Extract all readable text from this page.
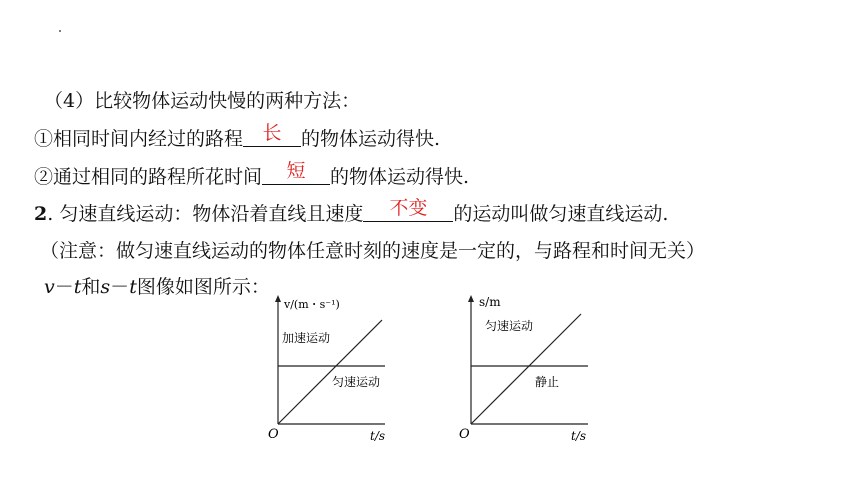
（4）比较物体运动快慢的两种方法：
①相同时间内经过的路程 长 的物体运动得快.
②通过相同的路程所花时间 短 的物体运动得快.
2. 匀速直线运动：物体沿着直线且速度 不变 的运动叫做匀速直线运动.
（注意：做匀速直线运动的物体任意时刻的速度是一定的，与路程和时间无关）
v－t和s－t图像如图所示：
v/(m・s⁻¹)
加速运动
匀速运动
O	t/s
s/m
匀速运动
静止
O	t/s
